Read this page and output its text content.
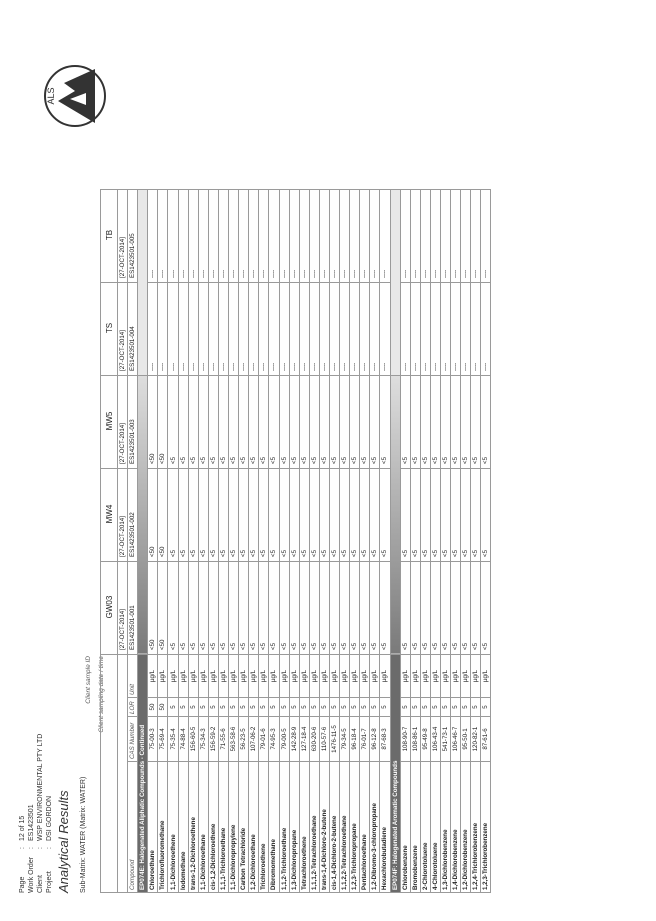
Page
:
12 of 15
Work Order
:
ES1423501
Client
:
WSP ENVIRONMENTAL PTY LTD
Project
:
DSI GORDON Analytical Results Sub-Matrix: WATER (Matrix: WATER)
Client sample ID Client sampling date / time
				GW03	MW4	MW5	TS	TB
				[27-OCT-2014]	[27-OCT-2014]	[27-OCT-2014]	[27-OCT-2014]	[27-OCT-2014]
Compound	CAS Number	LOR	Unit	ES1423501-001	ES1423501-002	ES1423501-003	ES1423501-004	ES1423501-005
EP074E: Halogenated Aliphatic Compounds - Continued								
Chloroethane	75-00-3	50	µg/L	<50	<50	<50	----	----
Trichlorofluoromethane	75-69-4	50	µg/L	<50	<50	<50	----	----
1,1-Dichloroethene	75-35-4	5	µg/L	<5	<5	<5	----	----
Iodomethane	74-88-4	5	µg/L	<5	<5	<5	----	----
trans-1,2-Dichloroethene	156-60-5	5	µg/L	<5	<5	<5	----	----
1,1-Dichloroethane	75-34-3	5	µg/L	<5	<5	<5	----	----
cis-1,2-Dichloroethene	156-59-2	5	µg/L	<5	<5	<5	----	----
1,1,1-Trichloroethane	71-55-6	5	µg/L	<5	<5	<5	----	----
1,1-Dichloropropylene	563-58-6	5	µg/L	<5	<5	<5	----	----
Carbon Tetrachloride	56-23-5	5	µg/L	<5	<5	<5	----	----
1,2-Dichloroethane	107-06-2	5	µg/L	<5	<5	<5	----	----
Trichloroethene	79-01-6	5	µg/L	<5	<5	<5	----	----
Dibromomethane	74-95-3	5	µg/L	<5	<5	<5	----	----
1,1,2-Trichloroethane	79-00-5	5	µg/L	<5	<5	<5	----	----
1,3-Dichloropropane	142-28-9	5	µg/L	<5	<5	<5	----	----
Tetrachloroethene	127-18-4	5	µg/L	<5	<5	<5	----	----
1,1,1,2-Tetrachloroethane	630-20-6	5	µg/L	<5	<5	<5	----	----
trans-1,4-Dichloro-2-butene	110-57-6	5	µg/L	<5	<5	<5	----	----
cis-1,4-Dichloro-2-butene	1476-11-5	5	µg/L	<5	<5	<5	----	----
1,1,2,2-Tetrachloroethane	79-34-5	5	µg/L	<5	<5	<5	----	----
1,2,3-Trichloropropane	96-18-4	5	µg/L	<5	<5	<5	----	----
Pentachloroethane	76-01-7	5	µg/L	<5	<5	<5	----	----
1,2-Dibromo-3-chloropropane	96-12-8	5	µg/L	<5	<5	<5	----	----
Hexachlorobutadiene	87-68-3	5	µg/L	<5	<5	<5	----	----
EP074F: Halogenated Aromatic Compounds								
Chlorobenzene	108-90-7	5	µg/L	<5	<5	<5	----	----
Bromobenzene	108-86-1	5	µg/L	<5	<5	<5	----	----
2-Chlorotoluene	95-49-8	5	µg/L	<5	<5	<5	----	----
4-Chlorotoluene	106-43-4	5	µg/L	<5	<5	<5	----	----
1,3-Dichlorobenzene	541-73-1	5	µg/L	<5	<5	<5	----	----
1,4-Dichlorobenzene	106-46-7	5	µg/L	<5	<5	<5	----	----
1,2-Dichlorobenzene	95-50-1	5	µg/L	<5	<5	<5	----	----
1,2,4-Trichlorobenzene	120-82-1	5	µg/L	<5	<5	<5	----	----
1,2,3-Trichlorobenzene	87-61-6	5	µg/L	<5	<5	<5	----	----
ALS
